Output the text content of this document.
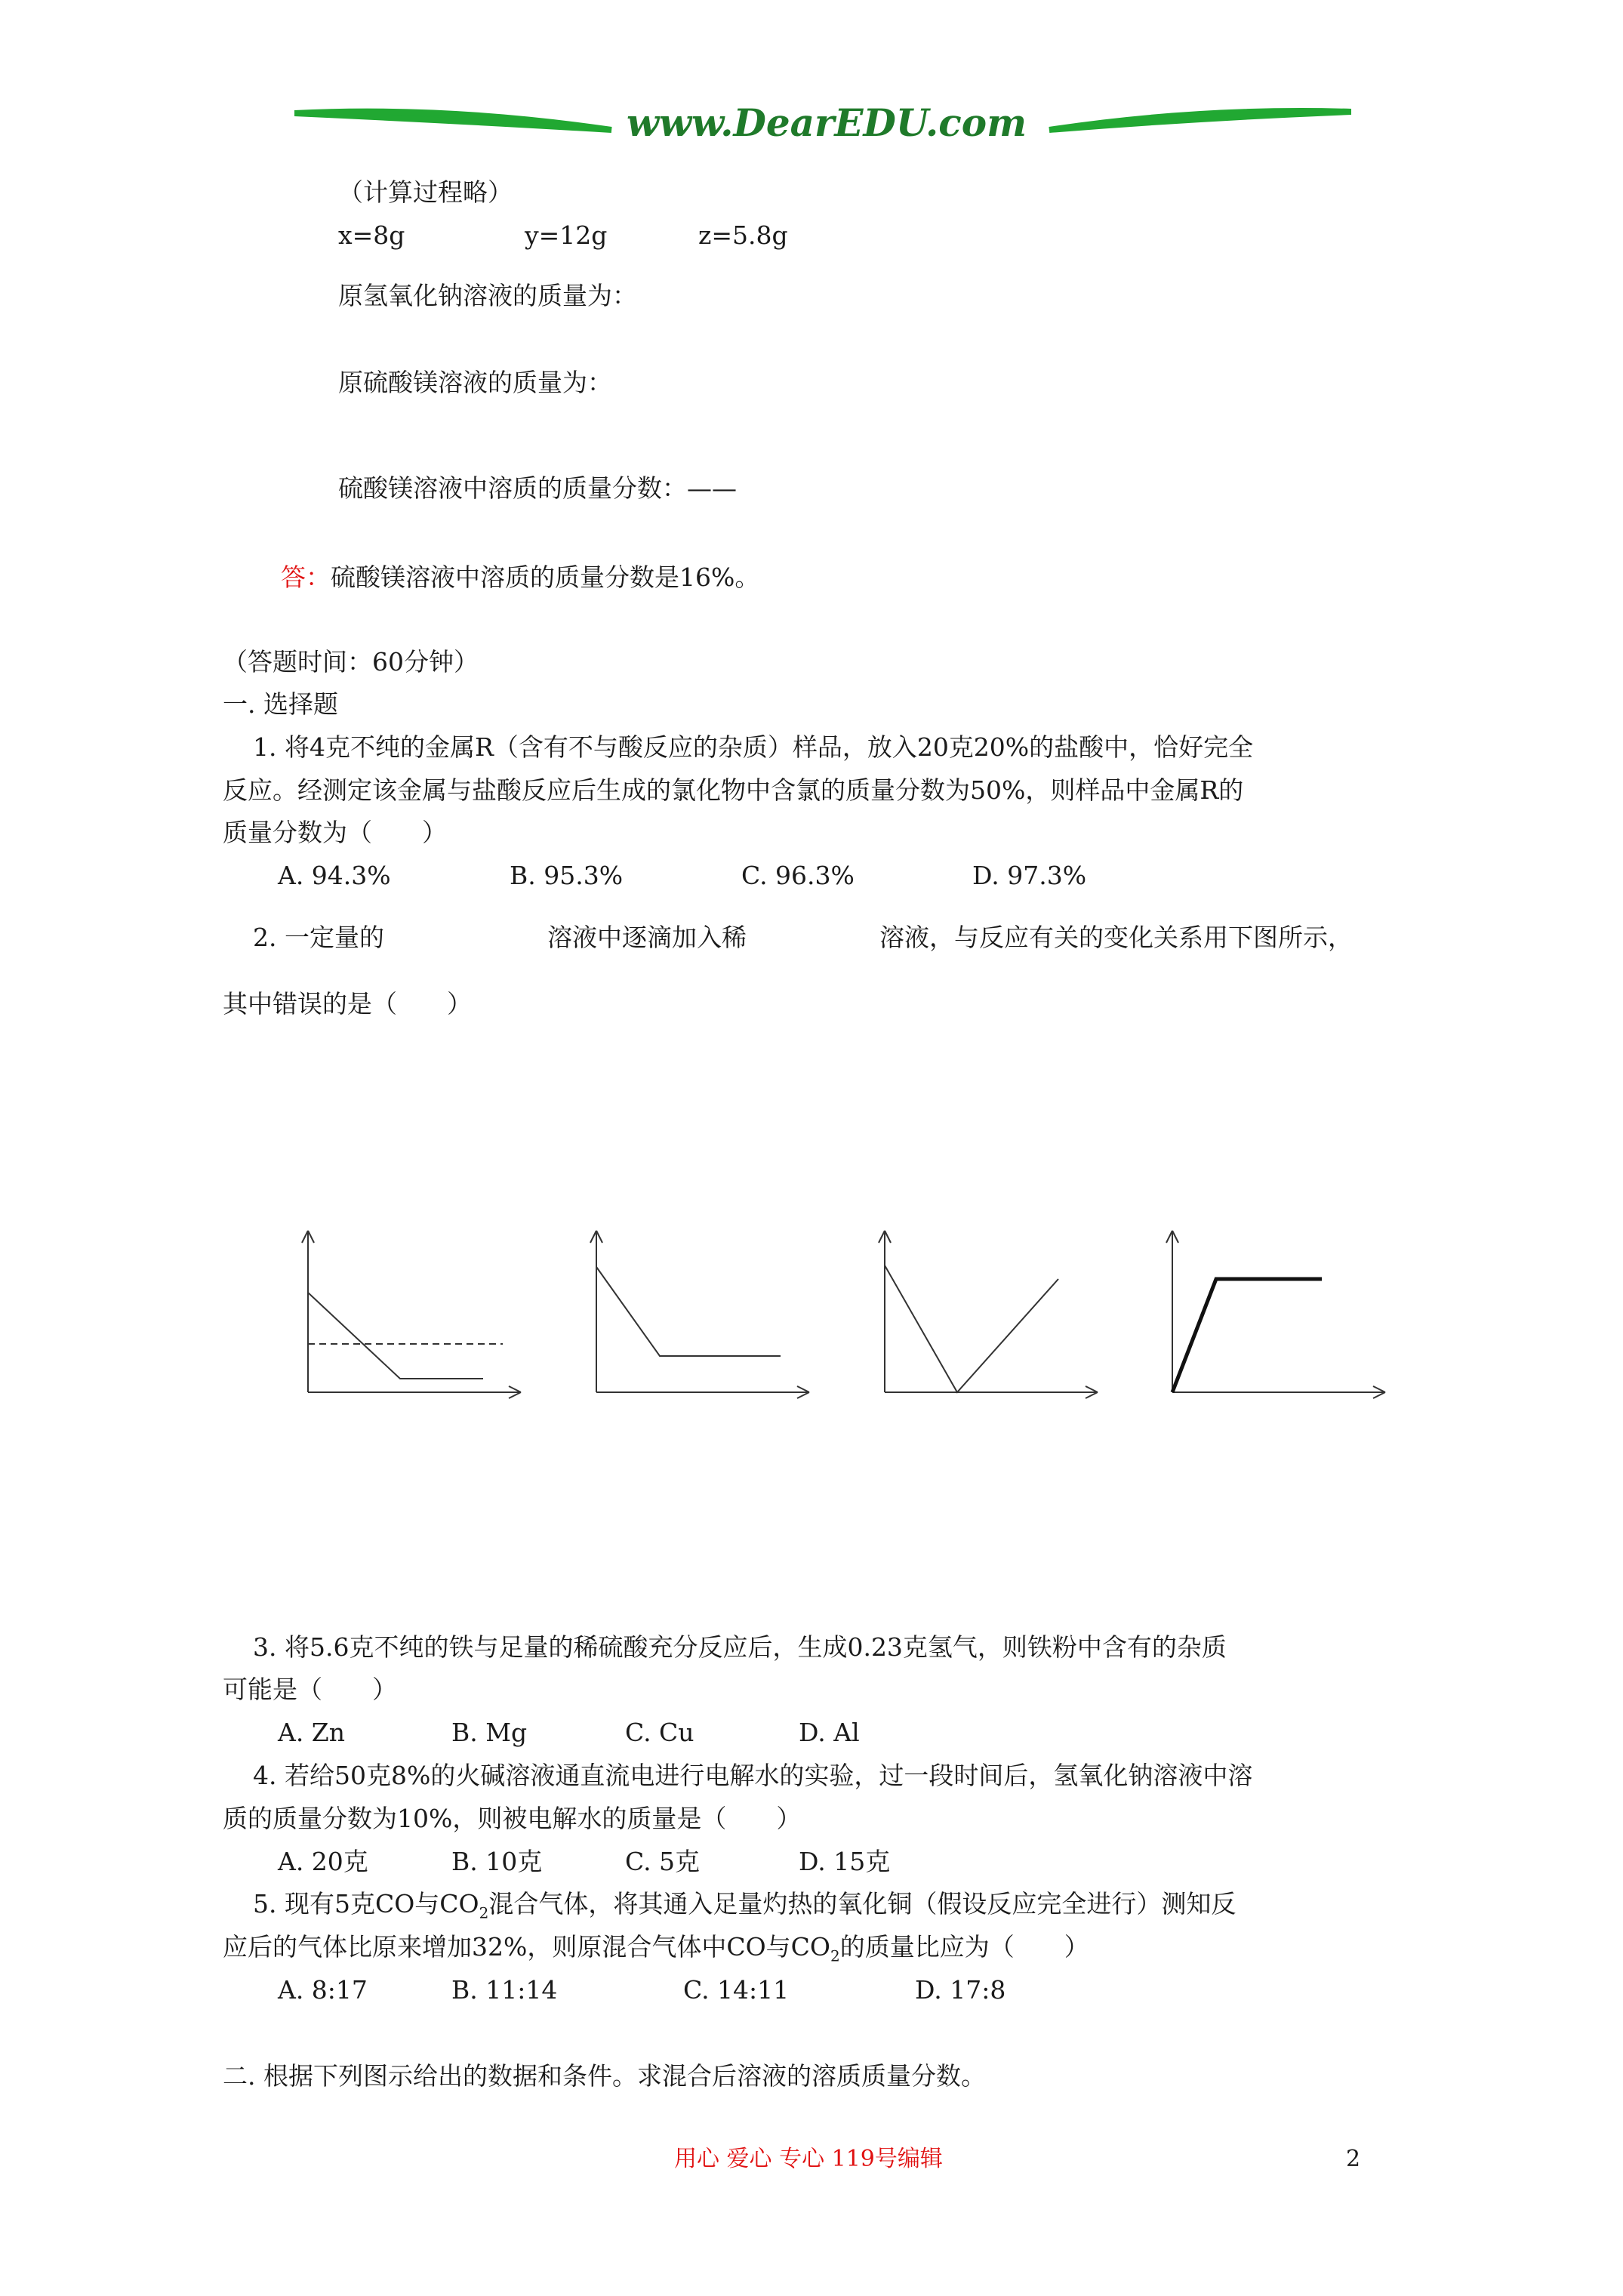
www.DearEDU.com
（计算过程略）
x=8g	y=12g	z=5.8g
原氢氧化钠溶液的质量为：
原硫酸镁溶液的质量为：
硫酸镁溶液中溶质的质量分数：——
答：硫酸镁溶液中溶质的质量分数是16%。
（答题时间：60分钟）
一. 选择题
1. 将4克不纯的金属R（含有不与酸反应的杂质）样品，放入20克20%的盐酸中，恰好完全
反应。经测定该金属与盐酸反应后生成的氯化物中含氯的质量分数为50%，则样品中金属R的
质量分数为（　　）
A. 94.3%	B. 95.3%	C. 96.3%	D. 97.3%
2. 一定量的	溶液中逐滴加入稀	溶液，与反应有关的变化关系用下图所示，
其中错误的是（　　）
3. 将5.6克不纯的铁与足量的稀硫酸充分反应后，生成0.23克氢气，则铁粉中含有的杂质
可能是（　　）
A. Zn	B. Mg	C. Cu	D. Al
4. 若给50克8%的火碱溶液通直流电进行电解水的实验，过一段时间后，氢氧化钠溶液中溶
质的质量分数为10%，则被电解水的质量是（　　）
A. 20克	B. 10克	C. 5克	D. 15克
5. 现有5克CO与$CO_2$混合气体，将其通入足量灼热的氧化铜（假设反应完全进行）测知反
应后的气体比原来增加32%，则原混合气体中CO与$CO_2$的质量比应为（　　）
A. 8:17	B. 11:14	C. 14:11	D. 17:8
二. 根据下列图示给出的数据和条件。求混合后溶液的溶质质量分数。
用心 爱心 专心 119号编辑	2
